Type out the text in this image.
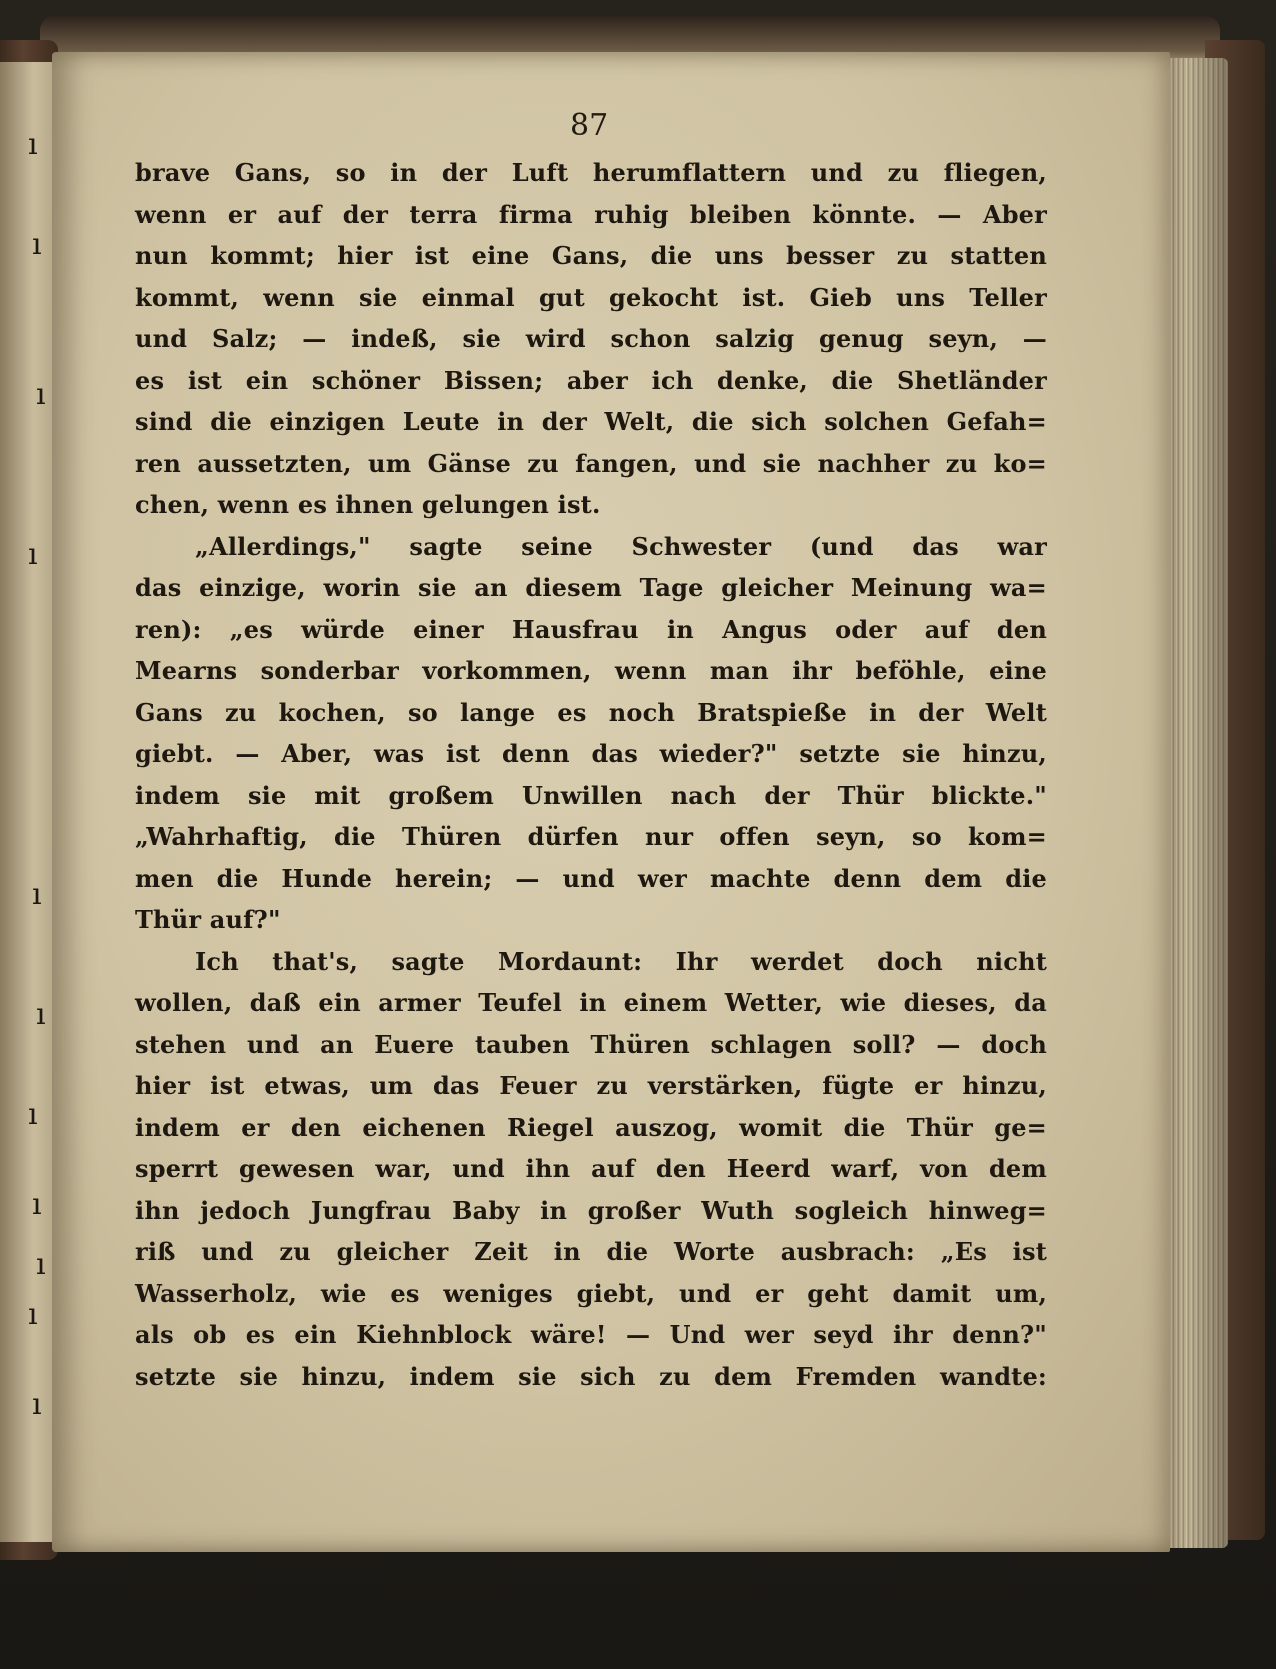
ı
ı
ı
ı
ı
ı
ı
ı
ı
ı
ı
87
brave Gans, so in der Luft herumflattern und zu fliegen,
wenn er auf der terra firma ruhig bleiben könnte. — Aber
nun kommt; hier ist eine Gans, die uns besser zu statten
kommt, wenn sie einmal gut gekocht ist. Gieb uns Teller
und Salz; — indeß, sie wird schon salzig genug seyn, —
es ist ein schöner Bissen; aber ich denke, die Shetländer
sind die einzigen Leute in der Welt, die sich solchen Gefah=
ren aussetzten, um Gänse zu fangen, und sie nachher zu ko=
chen, wenn es ihnen gelungen ist.
„Allerdings," sagte seine Schwester (und das war
das einzige, worin sie an diesem Tage gleicher Meinung wa=
ren): „es würde einer Hausfrau in Angus oder auf den
Mearns sonderbar vorkommen, wenn man ihr beföhle, eine
Gans zu kochen, so lange es noch Bratspieße in der Welt
giebt. — Aber, was ist denn das wieder?" setzte sie hinzu,
indem sie mit großem Unwillen nach der Thür blickte."
„Wahrhaftig, die Thüren dürfen nur offen seyn, so kom=
men die Hunde herein; — und wer machte denn dem die
Thür auf?"
Ich that's, sagte Mordaunt: Ihr werdet doch nicht
wollen, daß ein armer Teufel in einem Wetter, wie dieses, da
stehen und an Euere tauben Thüren schlagen soll? — doch
hier ist etwas, um das Feuer zu verstärken, fügte er hinzu,
indem er den eichenen Riegel auszog, womit die Thür ge=
sperrt gewesen war, und ihn auf den Heerd warf, von dem
ihn jedoch Jungfrau Baby in großer Wuth sogleich hinweg=
riß und zu gleicher Zeit in die Worte ausbrach: „Es ist
Wasserholz, wie es weniges giebt, und er geht damit um,
als ob es ein Kiehnblock wäre! — Und wer seyd ihr denn?"
setzte sie hinzu, indem sie sich zu dem Fremden wandte:
